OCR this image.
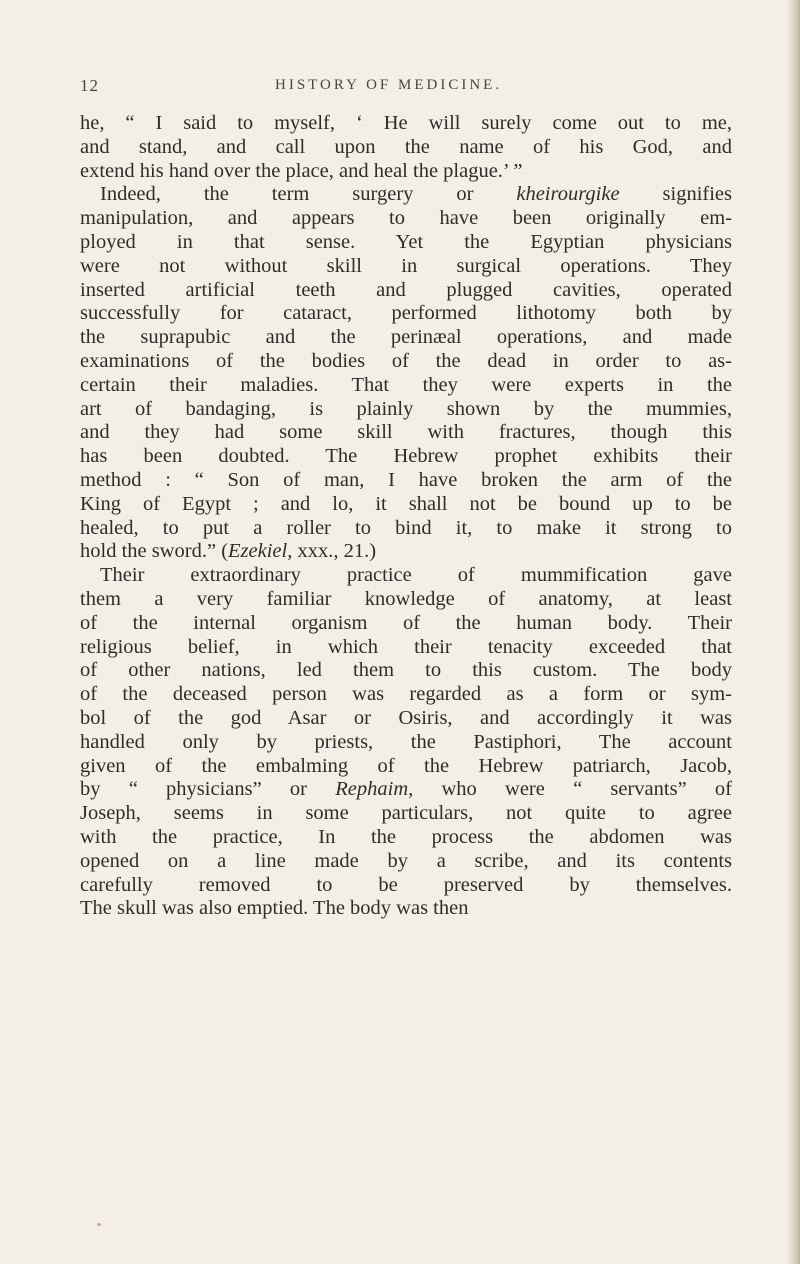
12	HISTORY OF MEDICINE.
he, “ I said to myself, ‘ He will surely come out to me,
and stand, and call upon the name of his God, and
extend his hand over the place, and heal the plague.’ ”
Indeed, the term surgery or kheirourgike signifies
manipulation, and appears to have been originally em-
ployed in that sense. Yet the Egyptian physicians
were not without skill in surgical operations. They
inserted artificial teeth and plugged cavities, operated
successfully for cataract, performed lithotomy both by
the suprapubic and the perinæal operations, and made
examinations of the bodies of the dead in order to as-
certain their maladies. That they were experts in the
art of bandaging, is plainly shown by the mummies,
and they had some skill with fractures, though this
has been doubted. The Hebrew prophet exhibits their
method : “ Son of man, I have broken the arm of the
King of Egypt ; and lo, it shall not be bound up to be
healed, to put a roller to bind it, to make it strong to
hold the sword.” (Ezekiel, xxx., 21.)
Their extraordinary practice of mummification gave
them a very familiar knowledge of anatomy, at least
of the internal organism of the human body. Their
religious belief, in which their tenacity exceeded that
of other nations, led them to this custom. The body
of the deceased person was regarded as a form or sym-
bol of the god Asar or Osiris, and accordingly it was
handled only by priests, the Pastiphori, The account
given of the embalming of the Hebrew patriarch, Jacob,
by “ physicians” or Rephaim, who were “ servants” of
Joseph, seems in some particulars, not quite to agree
with the practice, In the process the abdomen was
opened on a line made by a scribe, and its contents
carefully removed to be preserved by themselves.
The skull was also emptied. The body was then
